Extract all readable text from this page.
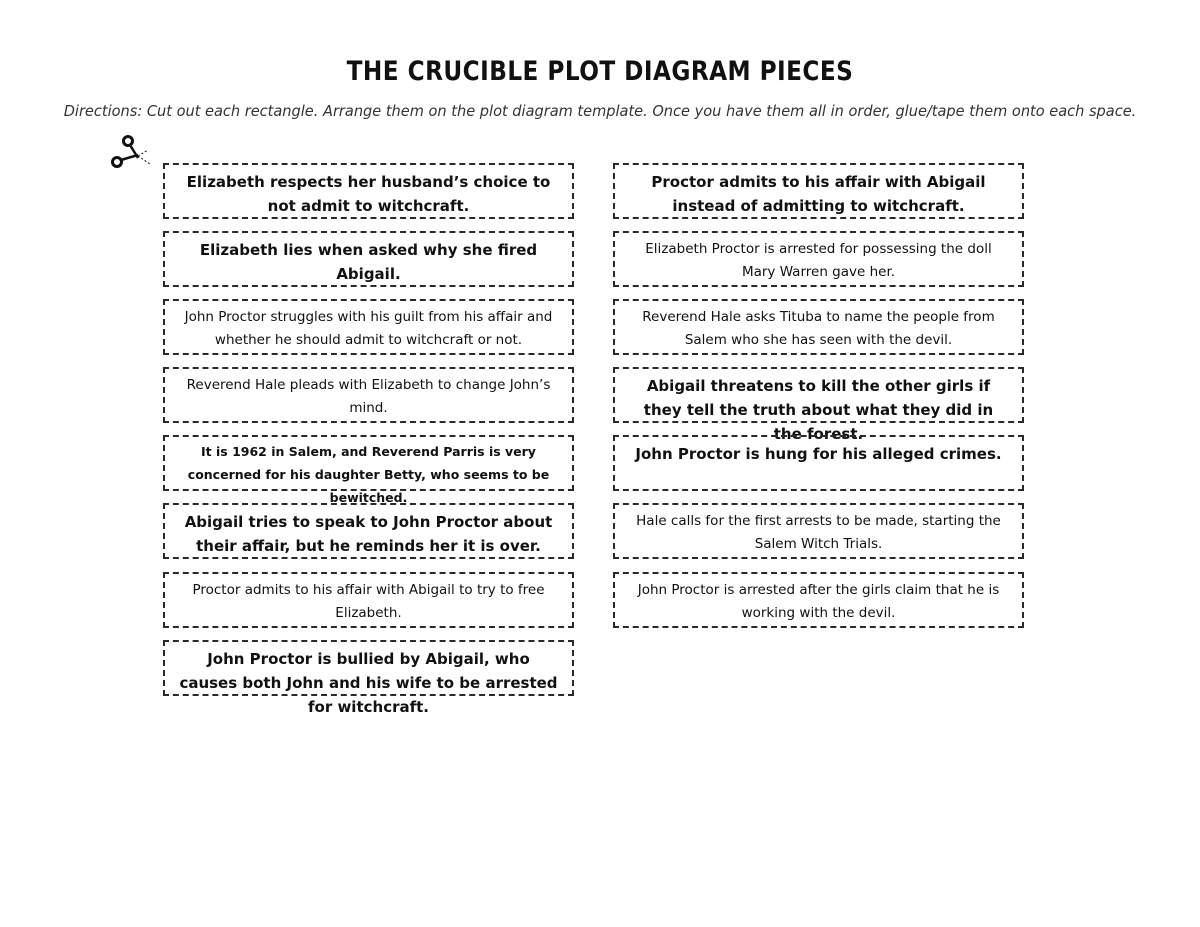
THE CRUCIBLE PLOT DIAGRAM PIECES
Directions: Cut out each rectangle. Arrange them on the plot diagram template. Once you have them all in order, glue/tape them onto each space.
Elizabeth respects her husband’s choice to not admit to witchcraft.
Elizabeth lies when asked why she fired Abigail.
John Proctor struggles with his guilt from his affair and whether he should admit to witchcraft or not.
Reverend Hale pleads with Elizabeth to change John’s mind.
It is 1962 in Salem, and Reverend Parris is very concerned for his daughter Betty, who seems to be bewitched.
Abigail tries to speak to John Proctor about their affair, but he reminds her it is over.
Proctor admits to his affair with Abigail to try to free Elizabeth.
John Proctor is bullied by Abigail, who causes both John and his wife to be arrested for witchcraft.
Proctor admits to his affair with Abigail instead of admitting to witchcraft.
Elizabeth Proctor is arrested for possessing the doll Mary Warren gave her.
Reverend Hale asks Tituba to name the people from Salem who she has seen with the devil.
Abigail threatens to kill the other girls if they tell the truth about what they did in the forest.
John Proctor is hung for his alleged crimes.
Hale calls for the first arrests to be made, starting the Salem Witch Trials.
John Proctor is arrested after the girls claim that he is working with the devil.
